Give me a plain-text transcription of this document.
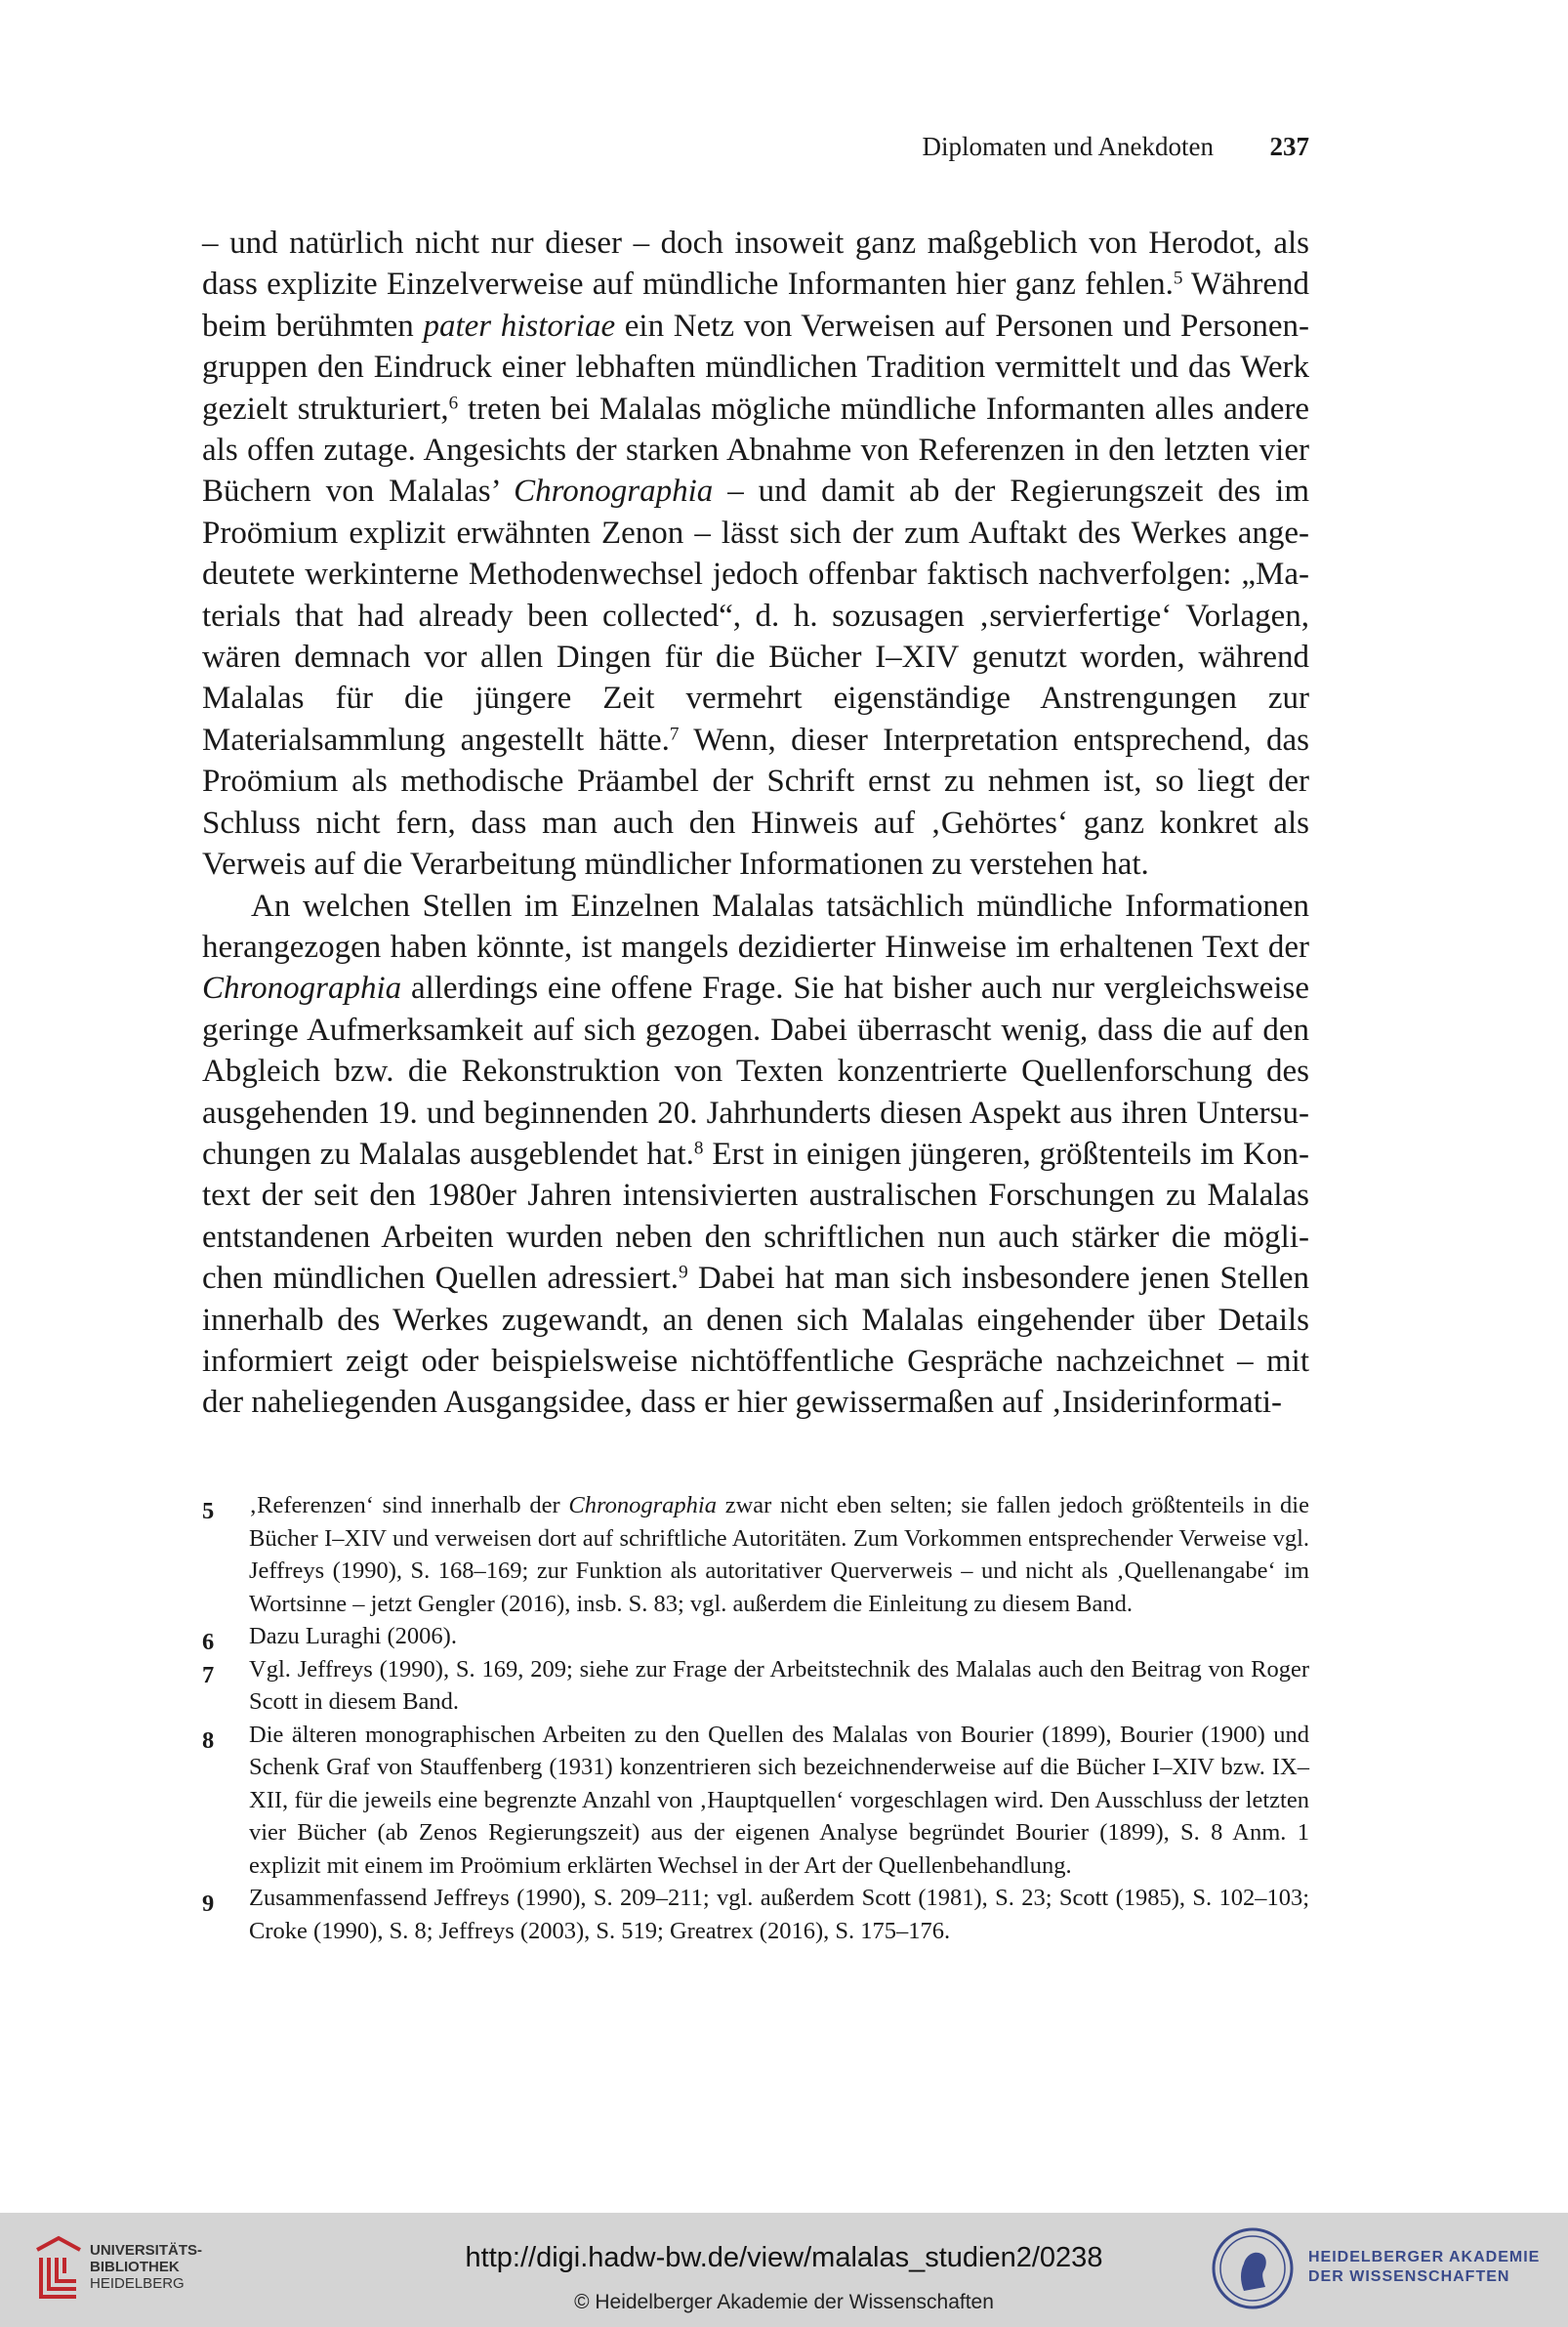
Diplomaten und Anekdoten 237

– und natürlich nicht nur dieser – doch insoweit ganz maßgeblich von Herodot, als dass explizite Einzelverweise auf mündliche Informanten hier ganz fehlen.$^5$ Während beim berühmten pater historiae ein Netz von Verweisen auf Personen und Personengruppen den Eindruck einer lebhaften mündlichen Tradition vermittelt und das Werk gezielt strukturiert,$^6$ treten bei Malalas mögliche mündliche Informanten alles andere als offen zutage. Angesichts der starken Abnahme von Referenzen in den letzten vier Büchern von Malalas’ Chronographia – und damit ab der Regierungszeit des im Proömium explizit erwähnten Zenon – lässt sich der zum Auftakt des Werkes angedeutete werkinterne Methodenwechsel jedoch offenbar faktisch nachverfolgen: „Materials that had already been collected“, d. h. sozusagen ‚servierfertige‘ Vorlagen, wären demnach vor allen Dingen für die Bücher I–XIV genutzt worden, während Malalas für die jüngere Zeit vermehrt eigenständige Anstrengungen zur Materialsammlung angestellt hätte.$^7$ Wenn, dieser Interpretation entsprechend, das Proömium als methodische Präambel der Schrift ernst zu nehmen ist, so liegt der Schluss nicht fern, dass man auch den Hinweis auf ‚Gehörtes‘ ganz konkret als Verweis auf die Verarbeitung mündlicher Informationen zu verstehen hat.

An welchen Stellen im Einzelnen Malalas tatsächlich mündliche Informationen herangezogen haben könnte, ist mangels dezidierter Hinweise im erhaltenen Text der Chronographia allerdings eine offene Frage. Sie hat bisher auch nur vergleichsweise geringe Aufmerksamkeit auf sich gezogen. Dabei überrascht wenig, dass die auf den Abgleich bzw. die Rekonstruktion von Texten konzentrierte Quellenforschung des ausgehenden 19. und beginnenden 20. Jahrhunderts diesen Aspekt aus ihren Untersuchungen zu Malalas ausgeblendet hat.$^8$ Erst in einigen jüngeren, größtenteils im Kontext der seit den 1980er Jahren intensivierten australischen Forschungen zu Malalas entstandenen Arbeiten wurden neben den schriftlichen nun auch stärker die möglichen mündlichen Quellen adressiert.$^9$ Dabei hat man sich insbesondere jenen Stellen innerhalb des Werkes zugewandt, an denen sich Malalas eingehender über Details informiert zeigt oder beispielsweise nichtöffentliche Gespräche nachzeichnet – mit der naheliegenden Ausgangsidee, dass er hier gewissermaßen auf ‚Insiderinformati-

5 ‚Referenzen‘ sind innerhalb der Chronographia zwar nicht eben selten; sie fallen jedoch größtenteils in die Bücher I–XIV und verweisen dort auf schriftliche Autoritäten. Zum Vorkommen entsprechender Verweise vgl. Jeffreys (1990), S. 168–169; zur Funktion als autoritativer Querverweis – und nicht als ‚Quellenangabe‘ im Wortsinne – jetzt Gengler (2016), insb. S. 83; vgl. außerdem die Einleitung zu diesem Band.

6 Dazu Luraghi (2006).

7 Vgl. Jeffreys (1990), S. 169, 209; siehe zur Frage der Arbeitstechnik des Malalas auch den Beitrag von Roger Scott in diesem Band.

8 Die älteren monographischen Arbeiten zu den Quellen des Malalas von Bourier (1899), Bourier (1900) und Schenk Graf von Stauffenberg (1931) konzentrieren sich bezeichnenderweise auf die Bücher I–XIV bzw. IX–XII, für die jeweils eine begrenzte Anzahl von ‚Hauptquellen‘ vorgeschlagen wird. Den Ausschluss der letzten vier Bücher (ab Zenos Regierungszeit) aus der eigenen Analyse begründet Bourier (1899), S. 8 Anm. 1 explizit mit einem im Proömium erklärten Wechsel in der Art der Quellenbehandlung.

9 Zusammenfassend Jeffreys (1990), S. 209–211; vgl. außerdem Scott (1981), S. 23; Scott (1985), S. 102–103; Croke (1990), S. 8; Jeffreys (2003), S. 519; Greatrex (2016), S. 175–176.

UNIVERSITÄTS-
BIBLIOTHEK
HEIDELBERG
http://digi.hadw-bw.de/view/malalas_studien2/0238
© Heidelberger Akademie der Wissenschaften
HEIDELBERGER AKADEMIE
DER WISSENSCHAFTEN
